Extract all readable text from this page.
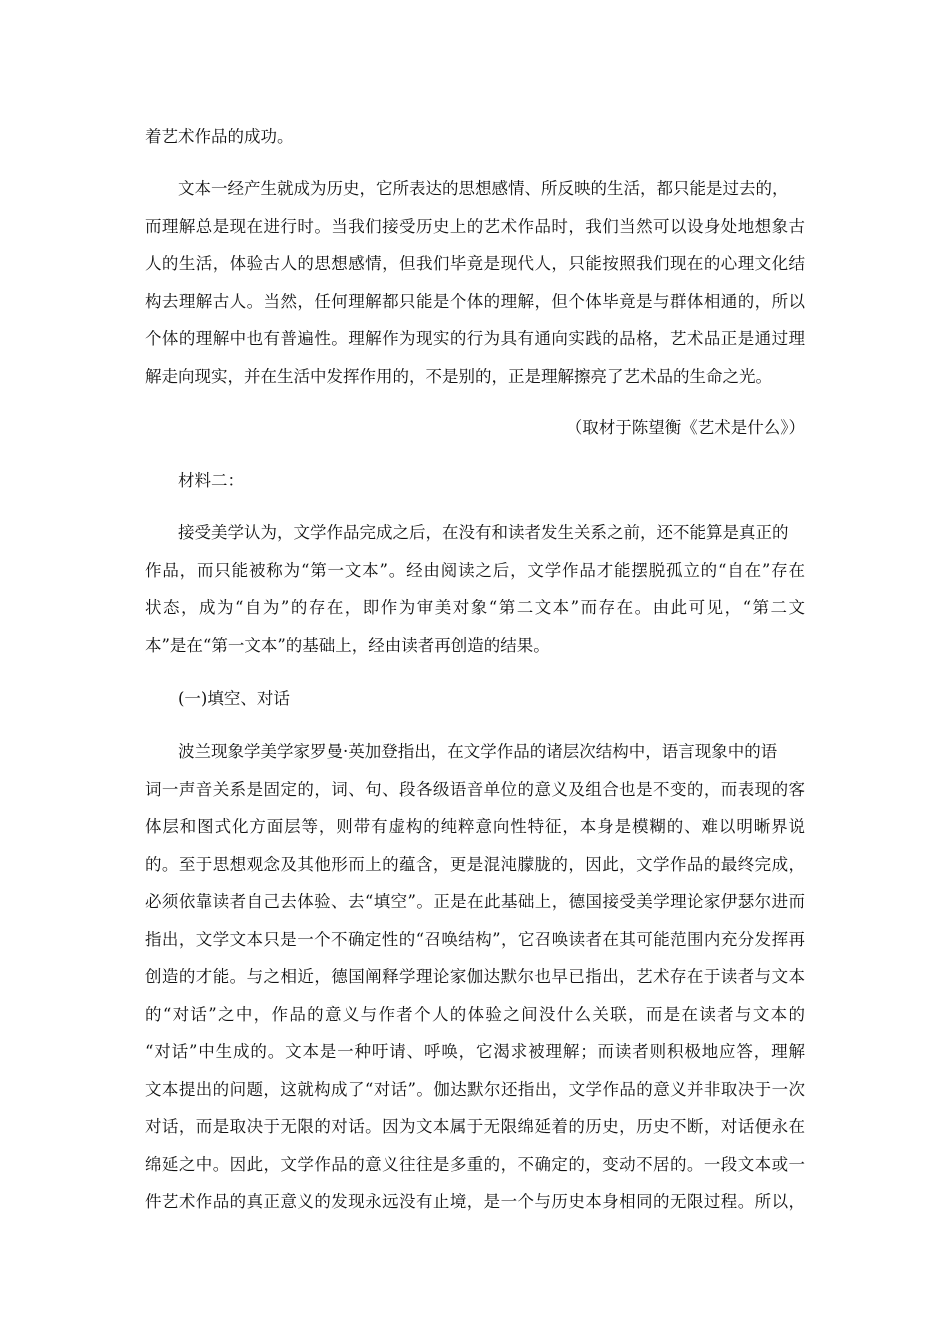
着艺术作品的成功。
文本一经产生就成为历史，它所表达的思想感情、所反映的生活，都只能是过去的，
而理解总是现在进行时。当我们接受历史上的艺术作品时，我们当然可以设身处地想象古
人的生活，体验古人的思想感情，但我们毕竟是现代人，只能按照我们现在的心理文化结
构去理解古人。当然，任何理解都只能是个体的理解，但个体毕竟是与群体相通的，所以
个体的理解中也有普遍性。理解作为现实的行为具有通向实践的品格，艺术品正是通过理
解走向现实，并在生活中发挥作用的，不是别的，正是理解擦亮了艺术品的生命之光。
（取材于陈望衡《艺术是什么》）
材料二：
接受美学认为，文学作品完成之后，在没有和读者发生关系之前，还不能算是真正的
作品，而只能被称为“第一文本”。经由阅读之后，文学作品才能摆脱孤立的“自在”存在
状态，成为“自为”的存在，即作为审美对象“第二文本”而存在。由此可见，“第二文
本”是在“第一文本”的基础上，经由读者再创造的结果。
(一)填空、对话
波兰现象学美学家罗曼·英加登指出，在文学作品的诸层次结构中，语言现象中的语
词一声音关系是固定的，词、句、段各级语音单位的意义及组合也是不变的，而表现的客
体层和图式化方面层等，则带有虚构的纯粹意向性特征，本身是模糊的、难以明晰界说
的。至于思想观念及其他形而上的蕴含，更是混沌朦胧的，因此，文学作品的最终完成，
必须依靠读者自己去体验、去“填空”。正是在此基础上，德国接受美学理论家伊瑟尔进而
指出，文学文本只是一个不确定性的“召唤结构”，它召唤读者在其可能范围内充分发挥再
创造的才能。与之相近，德国阐释学理论家伽达默尔也早已指出，艺术存在于读者与文本
的“对话”之中，作品的意义与作者个人的体验之间没什么关联，而是在读者与文本的
“对话”中生成的。文本是一种吁请、呼唤，它渴求被理解；而读者则积极地应答，理解
文本提出的问题，这就构成了“对话”。伽达默尔还指出，文学作品的意义并非取决于一次
对话，而是取决于无限的对话。因为文本属于无限绵延着的历史，历史不断，对话便永在
绵延之中。因此，文学作品的意义往往是多重的，不确定的，变动不居的。一段文本或一
件艺术作品的真正意义的发现永远没有止境，是一个与历史本身相同的无限过程。所以，
